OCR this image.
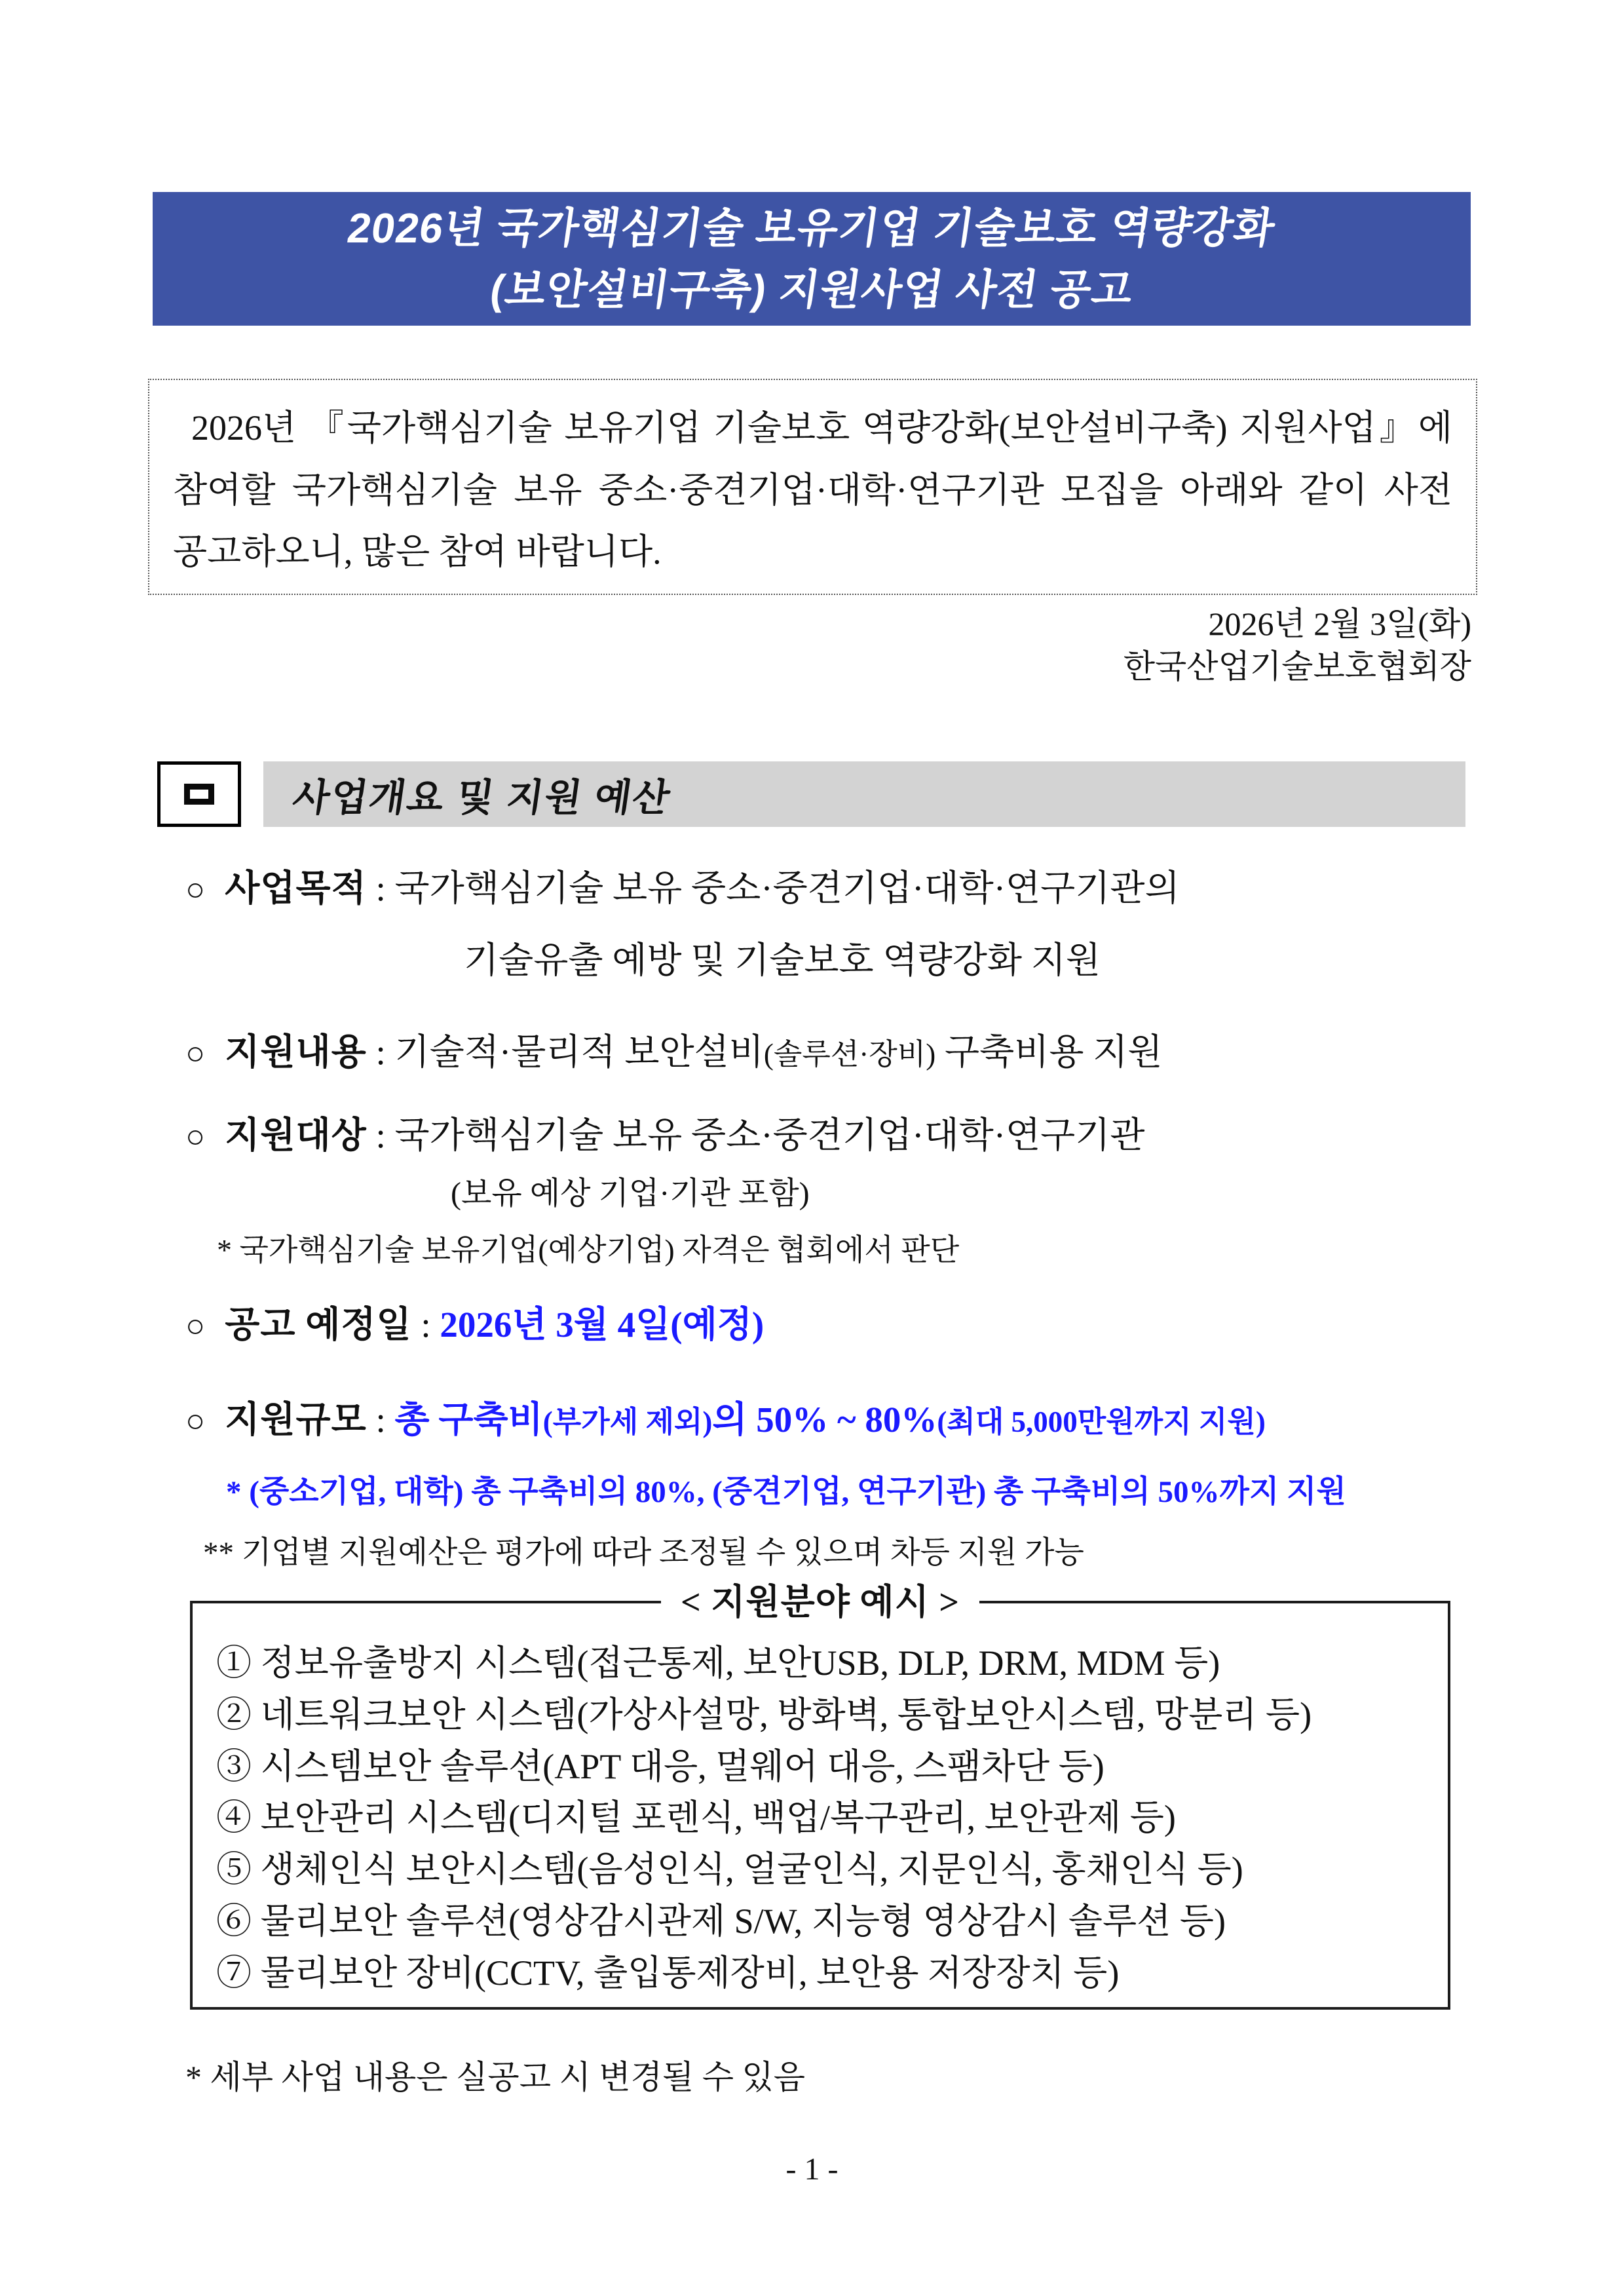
2026년 국가핵심기술 보유기업 기술보호 역량강화
(보안설비구축) 지원사업 사전 공고

2026년 『국가핵심기술 보유기업 기술보호 역량강화(보안설비구축) 지원사업』에 참여할 국가핵심기술 보유 중소·중견기업·대학·연구기관 모집을 아래와 같이 사전 공고하오니, 많은 참여 바랍니다.

2026년 2월 3일(화)
한국산업기술보호협회장
사업개요 및 지원 예산
○ 사업목적 : 국가핵심기술 보유 중소·중견기업·대학·연구기관의
기술유출 예방 및 기술보호 역량강화 지원
○ 지원내용 : 기술적·물리적 보안설비(솔루션·장비) 구축비용 지원
○ 지원대상 : 국가핵심기술 보유 중소·중견기업·대학·연구기관
(보유 예상 기업·기관 포함)
* 국가핵심기술 보유기업(예상기업) 자격은 협회에서 판단
○ 공고 예정일 : 2026년 3월 4일(예정)
○ 지원규모 : 총 구축비(부가세 제외)의 50% ~ 80%(최대 5,000만원까지 지원)
* (중소기업, 대학) 총 구축비의 80%, (중견기업, 연구기관) 총 구축비의 50%까지 지원
** 기업별 지원예산은 평가에 따라 조정될 수 있으며 차등 지원 가능
< 지원분야 예시 >
① 정보유출방지 시스템(접근통제, 보안USB, DLP, DRM, MDM 등)
② 네트워크보안 시스템(가상사설망, 방화벽, 통합보안시스템, 망분리 등)
③ 시스템보안 솔루션(APT 대응, 멀웨어 대응, 스팸차단 등)
④ 보안관리 시스템(디지털 포렌식, 백업/복구관리, 보안관제 등)
⑤ 생체인식 보안시스템(음성인식, 얼굴인식, 지문인식, 홍채인식 등)
⑥ 물리보안 솔루션(영상감시관제 S/W, 지능형 영상감시 솔루션 등)
⑦ 물리보안 장비(CCTV, 출입통제장비, 보안용 저장장치 등)
* 세부 사업 내용은 실공고 시 변경될 수 있음
- 1 -
